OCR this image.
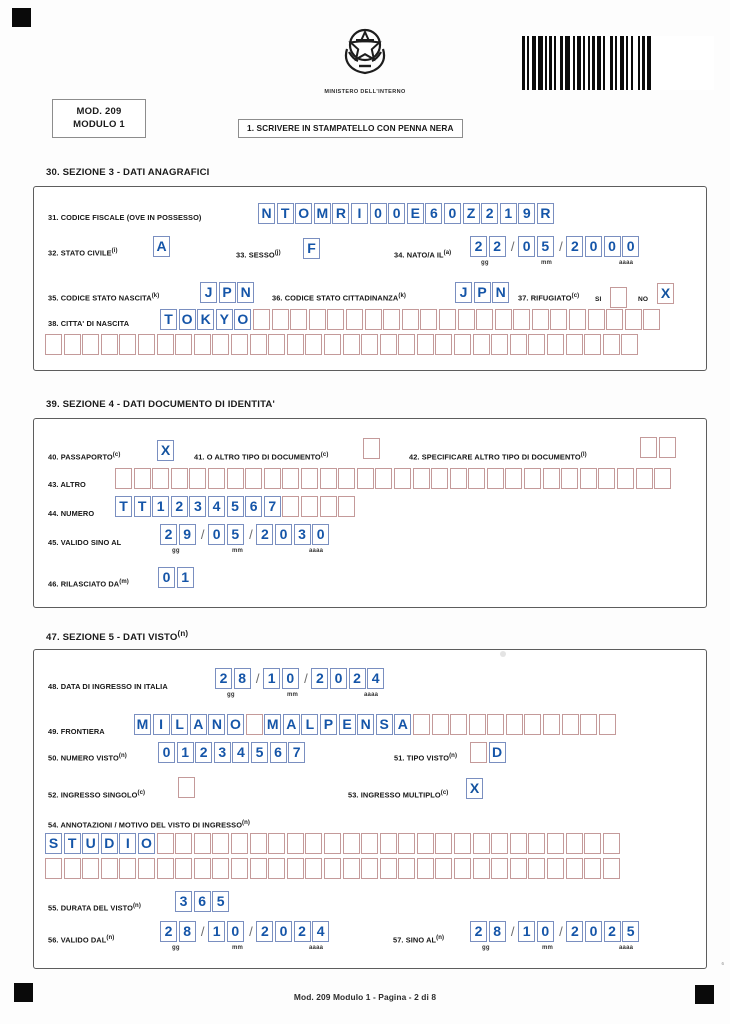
MINISTERO DELL'INTERNO
MOD. 209
MODULO 1	1. SCRIVERE IN STAMPATELLO CON PENNA NERA
30. SEZIONE 3 - DATI ANAGRAFICI
31. CODICE FISCALE (OVE IN POSSESSO)	N T O M R I 0 0 E 6 0 Z 2 1 9 R
32. STATO CIVILE$^{(i)}$	A
33. SESSO$^{(j)}$	F	34. NATO/A IL$^{(a)}$	2 2 / 0 5 / 2 0 0 0
gg	mm	aaaa
35. CODICE STATO NASCITA$^{(k)}$	J P N	36. CODICE STATO CITTADINANZA$^{(k)}$	J P N	37. RIFUGIATO$^{(c)}$ SI	NO X
38. CITTA' DI NASCITA	T O K Y O
39. SEZIONE 4 - DATI DOCUMENTO DI IDENTITA'
40. PASSAPORTO$^{(c)}$	X	41. O ALTRO TIPO DI DOCUMENTO$^{(c)}$	42. SPECIFICARE ALTRO TIPO DI DOCUMENTO$^{(l)}$
43. ALTRO
44. NUMERO	T T 1 2 3 4 5 6 7
45. VALIDO SINO AL
2 9 / 0 5 / 2 0 3 0
gg	mm	aaaa
46. RILASCIATO DA$^{(m)}$	0 1
47. SEZIONE 5 - DATI VISTO$^{(n)}$
48. DATA DI INGRESSO IN ITALIA
2 8 / 1 0 / 2 0 2 4
gg	mm	aaaa
49. FRONTIERA M I L A N O M A L P E N S A
50. NUMERO VISTO$^{(n)}$	0 1 2 3 4 5 6 7	51. TIPO VISTO$^{(n)}$ D
52. INGRESSO SINGOLO$^{(c)}$	53. INGRESSO MULTIPLO$^{(c)}$ X
54. ANNOTAZIONI / MOTIVO DEL VISTO DI INGRESSO$^{(n)}$
S T U D I O
55. DURATA DEL VISTO$^{(n)}$	3 6 5
56. VALIDO DAL$^{(n)}$	2 8 / 1 0 / 2 0 2 4
gg	mm	aaaa
57. SINO AL$^{(n)}$	2 8 / 1 0 / 2 0 2 5
gg	mm	aaaa
Mod. 209 Modulo 1 - Pagina - 2 di 8
6
